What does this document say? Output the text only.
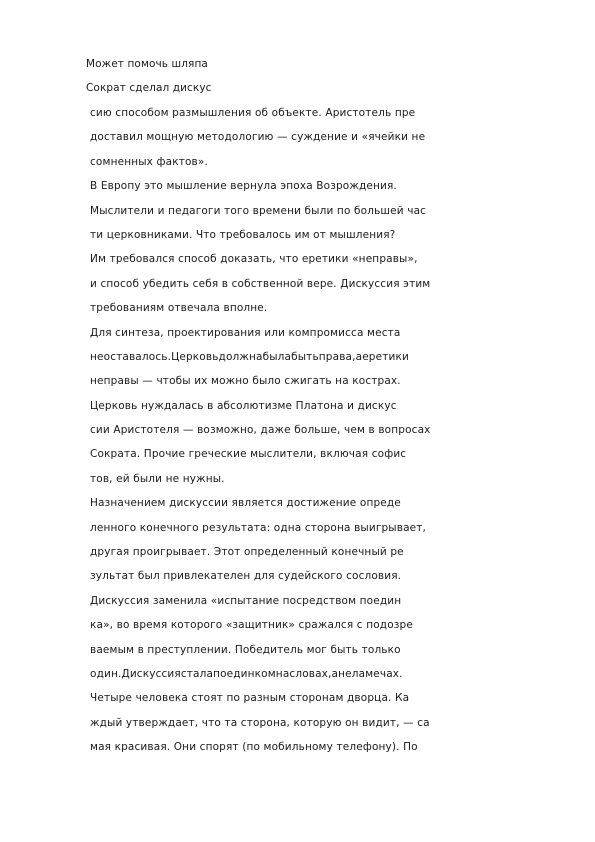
Может помочь шляпа
Сократ сделал дискус
сию способом размышления об объекте. Аристотель пре
доставил мощную методологию — суждение и «ячейки не
сомненных фактов».
В Европу это мышление вернула эпоха Возрождения.
Мыслители и педагоги того времени были по большей час
ти церковниками. Что требовалось им от мышления?
Им требовался способ доказать, что еретики «неправы»,
и способ убедить себя в собственной вере. Дискуссия этим
требованиям отвечала вполне.
Для синтеза, проектирования или компромисса места
неоставалось.Церковьдолжнабылабытьправа,аеретики
неправы — чтобы их можно было сжигать на кострах.
Церковь нуждалась в абсолютизме Платона и дискус
сии Аристотеля — возможно, даже больше, чем в вопросах
Сократа. Прочие греческие мыслители, включая софис
тов, ей были не нужны.
Назначением дискуссии является достижение опреде
ленного конечного результата: одна сторона выигрывает,
другая проигрывает. Этот определенный конечный ре
зультат был привлекателен для судейского сословия.
Дискуссия заменила «испытание посредством поедин
ка», во время которого «защитник» сражался с подозре
ваемым в преступлении. Победитель мог быть только
один.Дискуссиясталапоединкомнасловах,анеламечах.
Четыре человека стоят по разным сторонам дворца. Ка
ждый утверждает, что та сторона, которую он видит, — са
мая красивая. Они спорят (по мобильному телефону). По
